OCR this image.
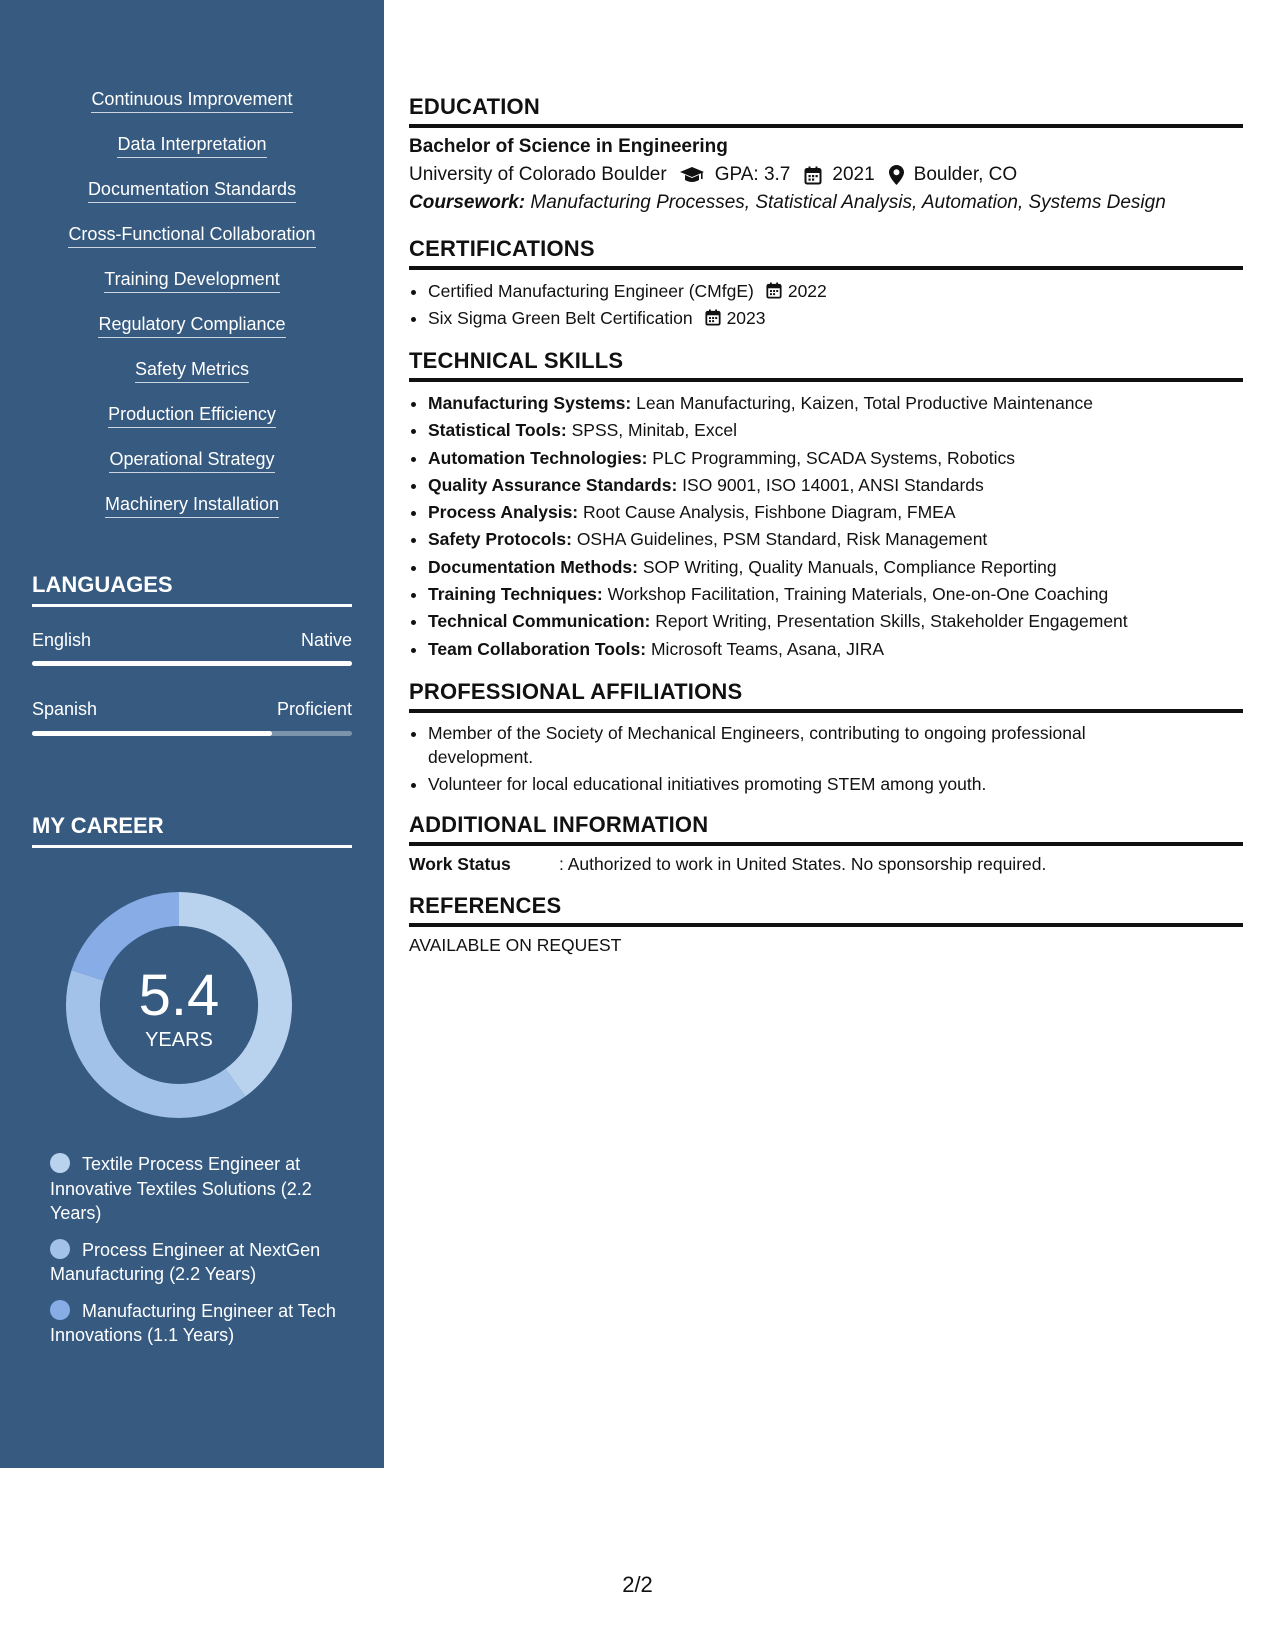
Continuous Improvement
Data Interpretation
Documentation Standards
Cross-Functional Collaboration
Training Development
Regulatory Compliance
Safety Metrics
Production Efficiency
Operational Strategy
Machinery Installation
LANGUAGES
English	Native
Spanish	Proficient
MY CAREER
5.4
YEARS
Textile Process Engineer at Innovative Textiles Solutions (2.2 Years)
Process Engineer at NextGen Manufacturing (2.2 Years)
Manufacturing Engineer at Tech Innovations (1.1 Years)
EDUCATION
Bachelor of Science in Engineering
University of Colorado Boulder	GPA: 3.7 2021 Boulder, CO
Coursework: Manufacturing Processes, Statistical Analysis, Automation, Systems Design
CERTIFICATIONS
• Certified Manufacturing Engineer (CMfgE) 2022
• Six Sigma Green Belt Certification 2023
TECHNICAL SKILLS
• Manufacturing Systems: Lean Manufacturing, Kaizen, Total Productive Maintenance
• Statistical Tools: SPSS, Minitab, Excel
• Automation Technologies: PLC Programming, SCADA Systems, Robotics
• Quality Assurance Standards: ISO 9001, ISO 14001, ANSI Standards
• Process Analysis: Root Cause Analysis, Fishbone Diagram, FMEA
• Safety Protocols: OSHA Guidelines, PSM Standard, Risk Management
• Documentation Methods: SOP Writing, Quality Manuals, Compliance Reporting
• Training Techniques: Workshop Facilitation, Training Materials, One-on-One Coaching
• Technical Communication: Report Writing, Presentation Skills, Stakeholder Engagement
• Team Collaboration Tools: Microsoft Teams, Asana, JIRA
PROFESSIONAL AFFILIATIONS
• Member of the Society of Mechanical Engineers, contributing to ongoing professional development.
• Volunteer for local educational initiatives promoting STEM among youth.
ADDITIONAL INFORMATION
Work Status	: Authorized to work in United States. No sponsorship required.
REFERENCES
AVAILABLE ON REQUEST
2/2
